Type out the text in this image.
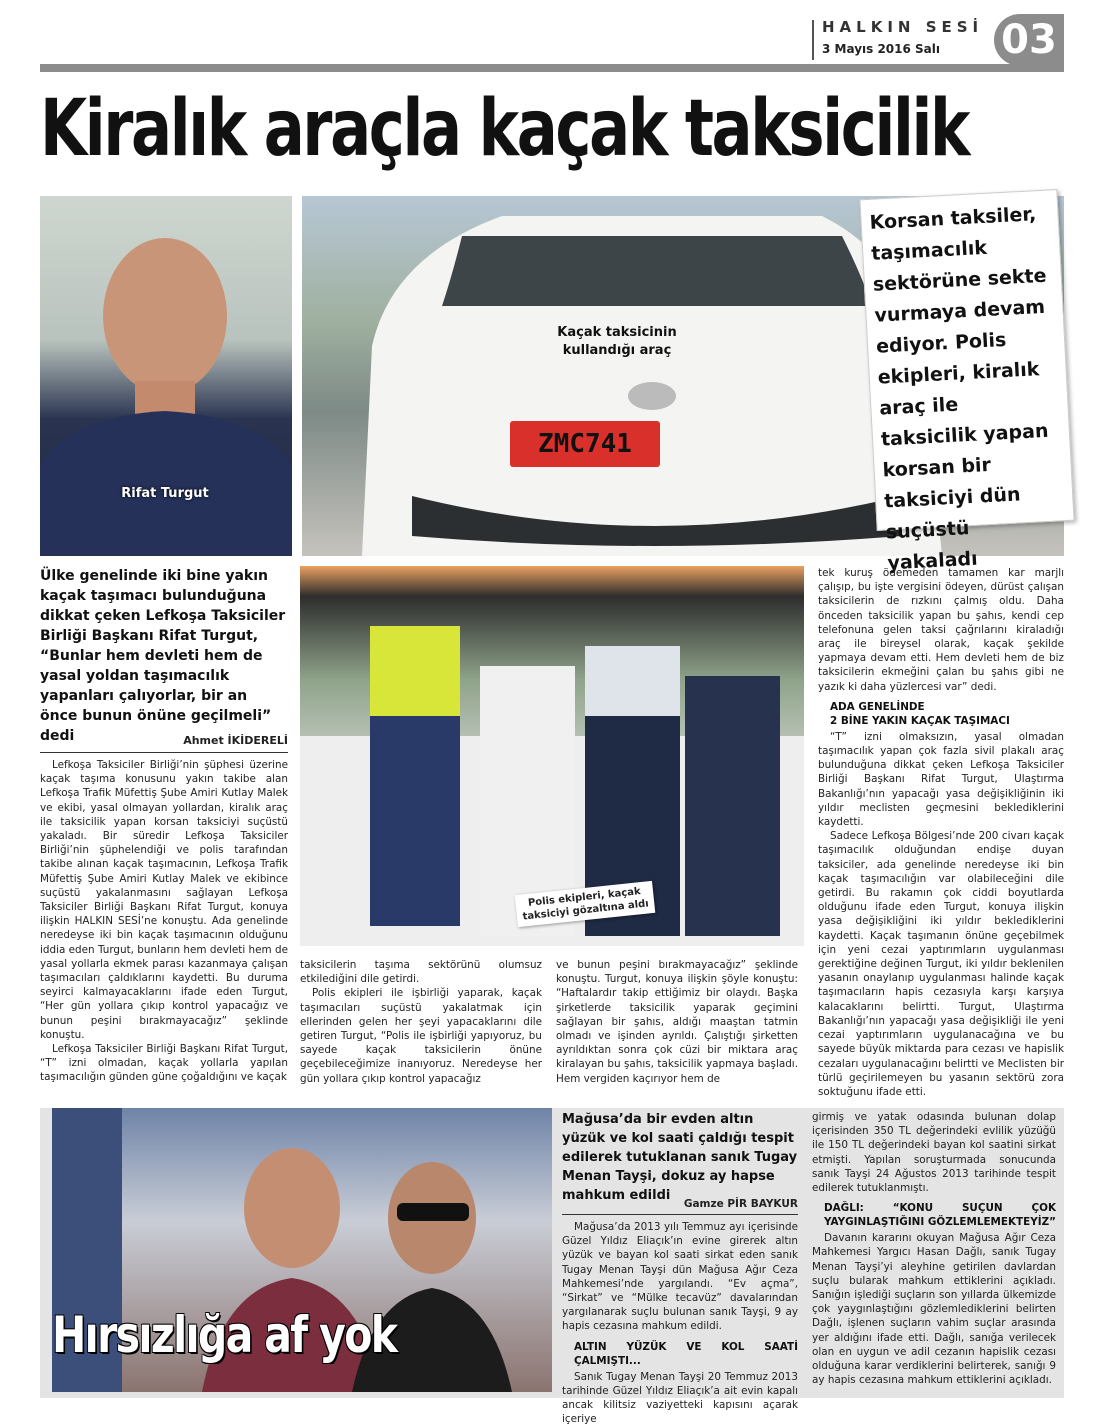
HALKIN SESİ
3 Mayıs 2016 Salı 03
Kiralık araçla kaçak taksicilik
Rifat Turgut
Kaçak taksicinin kullandığı araç
ZMC741
Korsan taksiler, taşımacılık sektörüne sekte vurmaya devam ediyor. Polis ekipleri, kiralık araç ile taksicilik yapan korsan bir taksiciyi dün suçüstü yakaladı
Ülke genelinde iki bine yakın kaçak taşımacı bulunduğuna dikkat çeken Lefkoşa Taksiciler Birliği Başkanı Rifat Turgut, “Bunlar hem devleti hem de yasal yoldan taşımacılık yapanları çalıyorlar, bir an önce bunun önüne geçilmeli” dedi	Ahmet İKİDERELİ

Lefkoşa Taksiciler Birliği’nin şüphesi üzerine kaçak taşıma konusunu yakın takibe alan Lefkoşa Trafik Müfettiş Şube Amiri Kutlay Malek ve ekibi, yasal olmayan yollardan, kiralık araç ile taksicilik yapan korsan taksiciyi suçüstü yakaladı. Bir süredir Lefkoşa Taksiciler Birliği’nin şüphelendiği ve polis tarafından takibe alınan kaçak taşımacının, Lefkoşa Trafik Müfettiş Şube Amiri Kutlay Malek ve ekibince suçüstü yakalanmasını sağlayan Lefkoşa Taksiciler Birliği Başkanı Rifat Turgut, konuya ilişkin HALKIN SESİ’ne konuştu. Ada genelinde neredeyse iki bin kaçak taşımacının olduğunu iddia eden Turgut, bunların hem devleti hem de yasal yollarla ekmek parası kazanmaya çalışan taşımacıları çaldıklarını kaydetti. Bu duruma seyirci kalmayacaklarını ifade eden Turgut, “Her gün yollara çıkıp kontrol yapacağız ve bunun peşini bırakmayacağız” şeklinde konuştu.

Lefkoşa Taksiciler Birliği Başkanı Rifat Turgut, “T” izni olmadan, kaçak yollarla yapılan taşımacılığın günden güne çoğaldığını ve kaçak

Polis ekipleri, kaçak taksiciyi gözaltına aldı

taksicilerin taşıma sektörünü olumsuz etkilediğini dile getirdi.

Polis ekipleri ile işbirliği yaparak, kaçak taşımacıları suçüstü yakalatmak için ellerinden gelen her şeyi yapacaklarını dile getiren Turgut, “Polis ile işbirliği yapıyoruz, bu sayede kaçak taksicilerin önüne geçebileceğimize inanıyoruz. Neredeyse her gün yollara çıkıp kontrol yapacağız

ve bunun peşini bırakmayacağız” şeklinde konuştu. Turgut, konuya ilişkin şöyle konuştu: “Haftalardır takip ettiğimiz bir olaydı. Başka şirketlerde taksicilik yaparak geçimini sağlayan bir şahıs, aldığı maaştan tatmin olmadı ve işinden ayrıldı. Çalıştığı şirketten ayrıldıktan sonra çok cüzi bir miktara araç kiralayan bu şahıs, taksicilik yapmaya başladı. Hem vergiden kaçırıyor hem de

tek kuruş ödemeden tamamen kar marjlı çalışıp, bu işte vergisini ödeyen, dürüst çalışan taksicilerin de rızkını çalmış oldu. Daha önceden taksicilik yapan bu şahıs, kendi cep telefonuna gelen taksi çağrılarını kiraladığı araç ile bireysel olarak, kaçak şekilde yapmaya devam etti. Hem devleti hem de biz taksicilerin ekmeğini çalan bu şahıs gibi ne yazık ki daha yüzlercesi var” dedi.

ADA GENELİNDE
2 BİNE YAKIN KAÇAK TAŞIMACI

“T” izni olmaksızın, yasal olmadan taşımacılık yapan çok fazla sivil plakalı araç bulunduğuna dikkat çeken Lefkoşa Taksiciler Birliği Başkanı Rifat Turgut, Ulaştırma Bakanlığı’nın yapacağı yasa değişikliğinin iki yıldır meclisten geçmesini beklediklerini kaydetti.

Sadece Lefkoşa Bölgesi’nde 200 civarı kaçak taşımacılık olduğundan endişe duyan taksiciler, ada genelinde neredeyse iki bin kaçak taşımacılığın var olabileceğini dile getirdi. Bu rakamın çok ciddi boyutlarda olduğunu ifade eden Turgut, konuya ilişkin yasa değişikliğini iki yıldır beklediklerini kaydetti. Kaçak taşımanın önüne geçebilmek için yeni cezai yaptırımların uygulanması gerektiğine değinen Turgut, iki yıldır beklenilen yasanın onaylanıp uygulanması halinde kaçak taşımacıların hapis cezasıyla karşı karşıya kalacaklarını belirtti. Turgut, Ulaştırma Bakanlığı’nın yapacağı yasa değişikliği ile yeni cezai yaptırımların uygulanacağına ve bu sayede büyük miktarda para cezası ve hapislik cezaları uygulanacağını belirtti ve Meclisten bir türlü geçirilemeyen bu yasanın sektörü zora soktuğunu ifade etti.

Hırsızlığa af yok
Mağusa’da bir evden altın yüzük ve kol saati çaldığı tespit edilerek tutuklanan sanık Tugay Menan Tayşi, dokuz ay hapse mahkum edildi
Gamze PİR BAYKUR

Mağusa’da 2013 yılı Temmuz ayı içerisinde Güzel Yıldız Eliaçık’ın evine girerek altın yüzük ve bayan kol saati sirkat eden sanık Tugay Menan Tayşi dün Mağusa Ağır Ceza Mahkemesi’nde yargılandı. “Ev açma”, “Sirkat” ve “Mülke tecavüz” davalarından yargılanarak suçlu bulunan sanık Tayşi, 9 ay hapis cezasına mahkum edildi.

ALTIN YÜZÜK VE KOL SAATİ ÇALMIŞTI...

Sanık Tugay Menan Tayşi 20 Temmuz 2013 tarihinde Güzel Yıldız Eliaçık’a ait evin kapalı ancak kilitsiz vaziyetteki kapısını açarak içeriye

girmiş ve yatak odasında bulunan dolap içerisinden 350 TL değerindeki evlilik yüzüğü ile 150 TL değerindeki bayan kol saatini sirkat etmişti. Yapılan soruşturmada sonucunda sanık Tayşi 24 Ağustos 2013 tarihinde tespit edilerek tutuklanmıştı.

DAĞLI: “KONU SUÇUN ÇOK YAYGINLAŞTIĞINI GÖZLEMLEMEKTEYİZ”

Davanın kararını okuyan Mağusa Ağır Ceza Mahkemesi Yargıcı Hasan Dağlı, sanık Tugay Menan Tayşi’yi aleyhine getirilen davlardan suçlu bularak mahkum ettiklerini açıkladı. Sanığın işlediği suçların son yıllarda ülkemizde çok yaygınlaştığını gözlemlediklerini belirten Dağlı, işlenen suçların vahim suçlar arasında yer aldığını ifade etti. Dağlı, sanığa verilecek olan en uygun ve adil cezanın hapislik cezası olduğuna karar verdiklerini belirterek, sanığı 9 ay hapis cezasına mahkum ettiklerini açıkladı.
